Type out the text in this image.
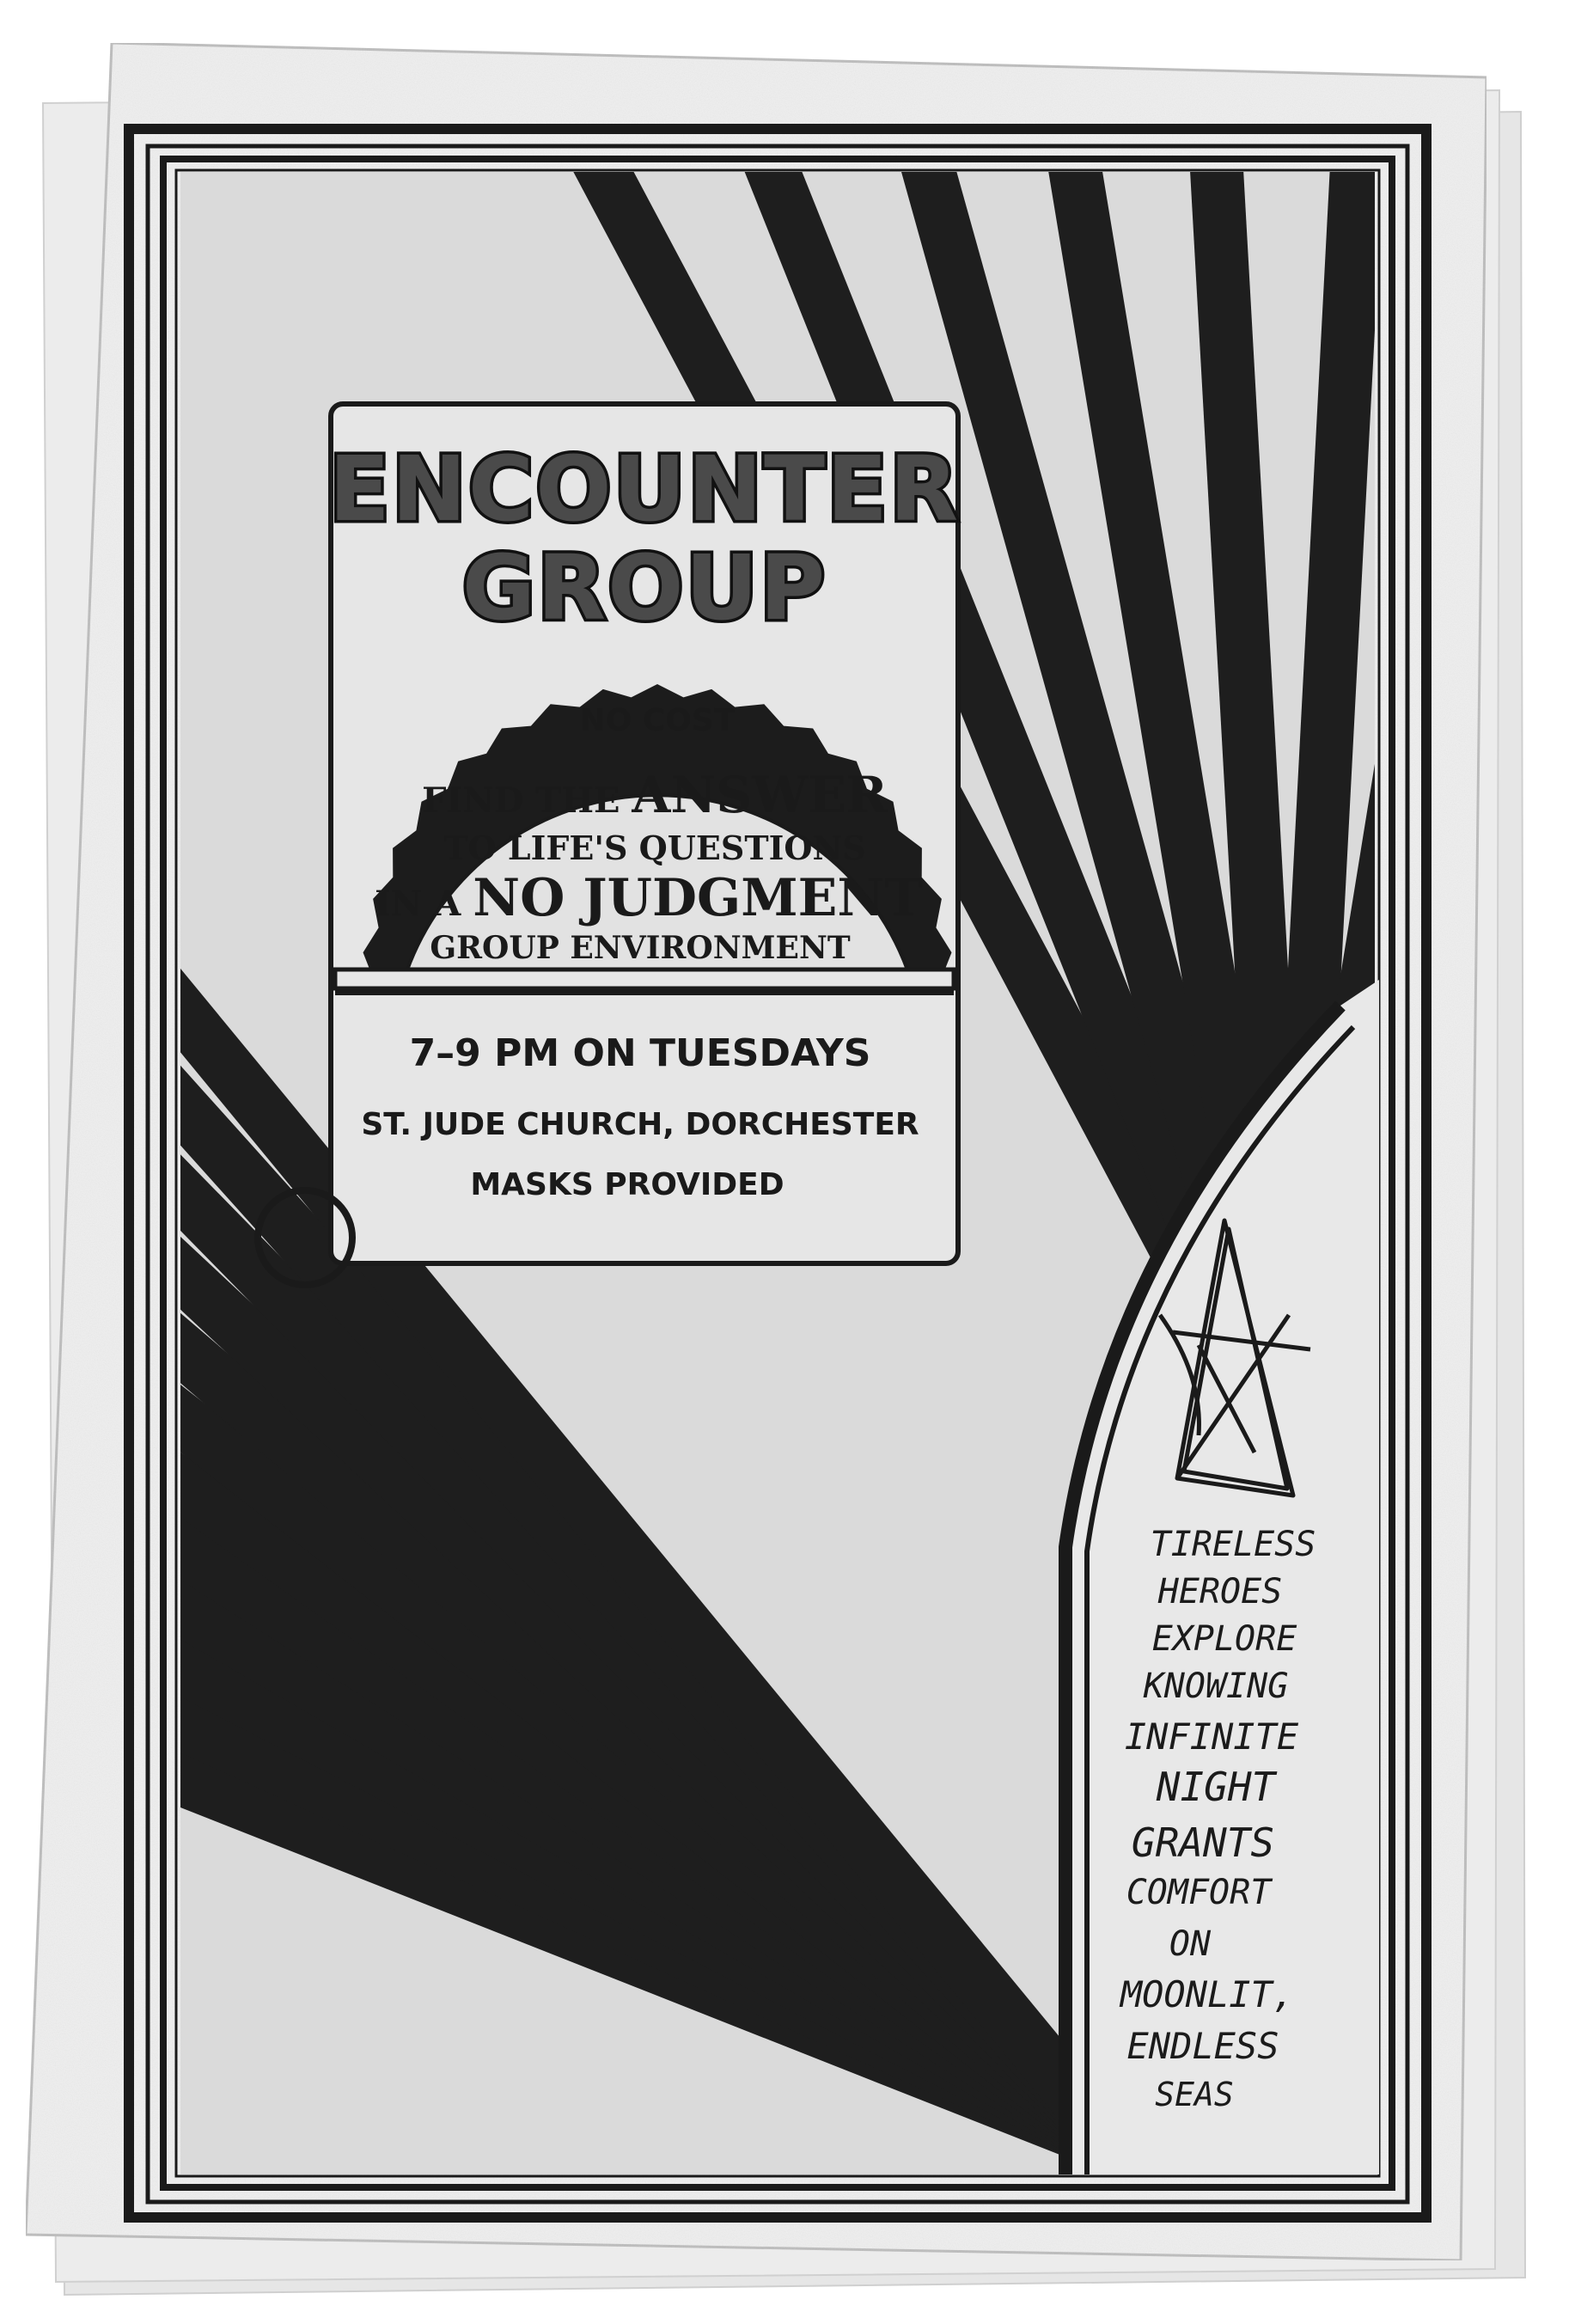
ENCOUNTER
GROUP
NO COST
FIND THE ANSWER
TO LIFE'S QUESTIONS
IN A NO JUDGMENT
GROUP ENVIRONMENT
7–9 PM ON TUESDAYS
ST. JUDE CHURCH, DORCHESTER
MASKS PROVIDED
TIRELESS
HEROES
EXPLORE
KNOWING
INFINITE
NIGHT
GRANTS
COMFORT
ON
MOONLIT,
ENDLESS
SEAS
